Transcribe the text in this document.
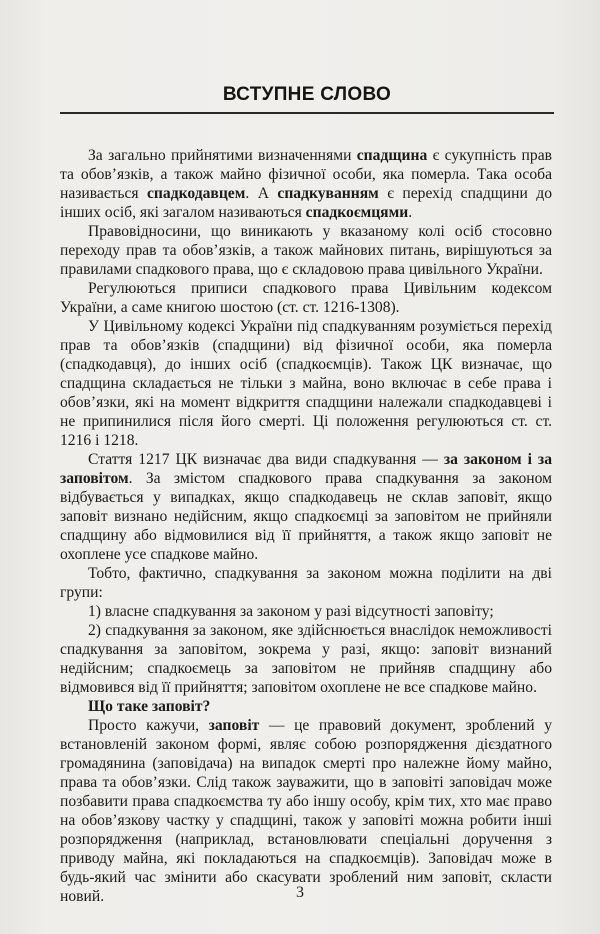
ВСТУПНЕ СЛОВО

За загально прийнятими визначеннями спадщина є сукупність прав та обов’язків, а також майно фізичної особи, яка померла. Така особа називається спадкодавцем. А спадкуванням є перехід спадщини до інших осіб, які загалом називаються спадкоємцями.

Правовідносини, що виникають у вказаному колі осіб стосовно переходу прав та обов’язків, а також майнових питань, вирішуються за правилами спадкового права, що є складовою права цивільного України.

Регулюються приписи спадкового права Цивільним кодексом України, а саме книгою шостою (ст. ст. 1216-1308).

У Цивільному кодексі України під спадкуванням розуміється перехід прав та обов’язків (спадщини) від фізичної особи, яка померла (спадкодавця), до інших осіб (спадкоємців). Також ЦК визначає, що спадщина складається не тільки з майна, воно включає в себе права і обов’язки, які на момент відкриття спадщини належали спадкодавцеві і не припинилися після його смерті. Ці положення регулюються ст. ст. 1216 і 1218.

Стаття 1217 ЦК визначає два види спадкування — за законом і за заповітом. За змістом спадкового права спадкування за законом відбувається у випадках, якщо спадкодавець не склав заповіт, якщо заповіт визнано недійсним, якщо спадкоємці за заповітом не прийняли спадщину або відмовилися від її прийняття, а також якщо заповіт не охоплене усе спадкове майно.

Тобто, фактично, спадкування за законом можна поділити на дві групи:

1) власне спадкування за законом у разі відсутності заповіту;

2) спадкування за законом, яке здійснюється внаслідок неможливості спадкування за заповітом, зокрема у разі, якщо: заповіт визнаний недійсним; спадкоємець за заповітом не прийняв спадщину або відмовився від її прийняття; заповітом охоплене не все спадкове майно.

Що таке заповіт?

Просто кажучи, заповіт — це правовий документ, зроблений у встановленій законом формі, являє собою розпорядження дієздатного громадянина (заповідача) на випадок смерті про належне йому майно, права та обов’язки. Слід також зауважити, що в заповіті заповідач може позбавити права спадкоємства ту або іншу особу, крім тих, хто має право на обов’язкову частку у спадщині, також у заповіті можна робити інші розпорядження (наприклад, встановлювати спеціальні доручення з приводу майна, які покладаються на спадкоємців). Заповідач може в будь-який час змінити або скасувати зроблений ним заповіт, скласти новий.	3
